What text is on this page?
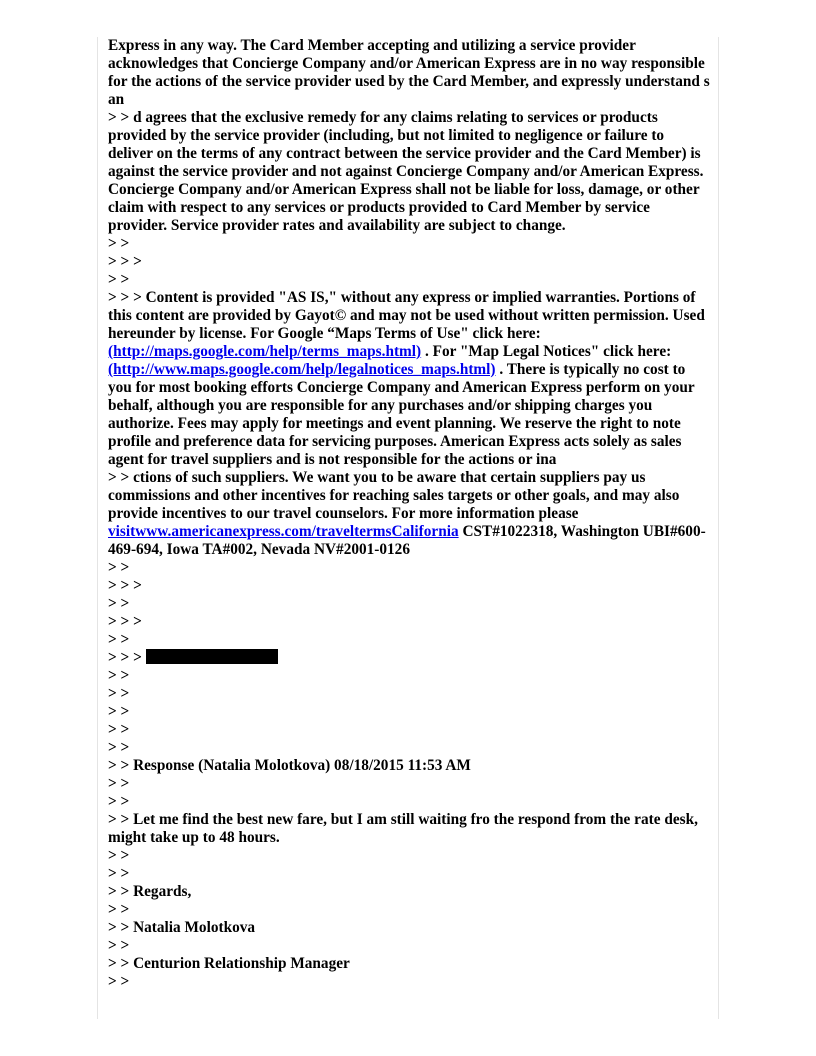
Express in any way. The Card Member accepting and utilizing a service provider acknowledges that Concierge Company and/or American Express are in no way responsible for the actions of the service provider used by the Card Member, and expressly understand s an

> > d agrees that the exclusive remedy for any claims relating to services or products provided by the service provider (including, but not limited to negligence or failure to deliver on the terms of any contract between the service provider and the Card Member) is against the service provider and not against Concierge Company and/or American Express. Concierge Company and/or American Express shall not be liable for loss, damage, or other claim with respect to any services or products provided to Card Member by service provider. Service provider rates and availability are subject to change.

> >

> > >

> >

> > > Content is provided "AS IS," without any express or implied warranties. Portions of this content are provided by Gayot© and may not be used without written permission. Used hereunder by license. For Google “Maps Terms of Use" click here: (http://maps.google.com/help/terms_maps.html) . For "Map Legal Notices" click here: (http://www.maps.google.com/help/legalnotices_maps.html) . There is typically no cost to you for most booking efforts Concierge Company and American Express perform on your behalf, although you are responsible for any purchases and/or shipping charges you authorize. Fees may apply for meetings and event planning. We reserve the right to note profile and preference data for servicing purposes. American Express acts solely as sales agent for travel suppliers and is not responsible for the actions or ina

> > ctions of such suppliers. We want you to be aware that certain suppliers pay us commissions and other incentives for reaching sales targets or other goals, and may also provide incentives to our travel counselors. For more information please visitwww.americanexpress.com/traveltermsCalifornia CST#1022318, Washington UBI#600-469-694, Iowa TA#002, Nevada NV#2001-0126

> >

> > >

> >

> > >

> >

> > >

> >

> >

> >

> >

> >

> > Response (Natalia Molotkova) 08/18/2015 11:53 AM

> >

> >

> > Let me find the best new fare, but I am still waiting fro the respond from the rate desk, might take up to 48 hours.

> >

> >

> > Regards,

> >

> > Natalia Molotkova

> >

> > Centurion Relationship Manager

> >
